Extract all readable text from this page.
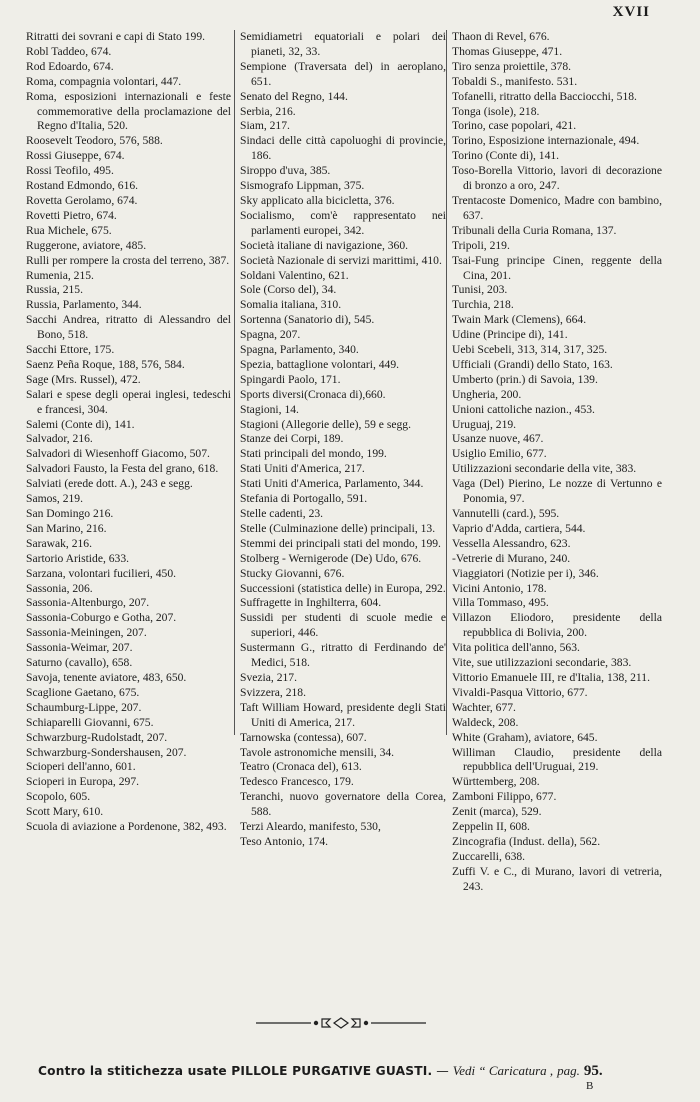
XVII

Ritratti dei sovrani e capi di Stato 199.

Robl Taddeo, 674.

Rod Edoardo, 674.

Roma, compagnia volontari, 447.

Roma, esposizioni internazionali e feste commemorative della proclamazione del Regno d'Italia, 520.

Roosevelt Teodoro, 576, 588.

Rossi Giuseppe, 674.

Rossi Teofilo, 495.

Rostand Edmondo, 616.

Rovetta Gerolamo, 674.

Rovetti Pietro, 674.

Rua Michele, 675.

Ruggerone, aviatore, 485.

Rulli per rompere la crosta del terreno, 387.

Rumenia, 215.

Russia, 215.

Russia, Parlamento, 344.

Sacchi Andrea, ritratto di Alessandro del Bono, 518.

Sacchi Ettore, 175.

Saenz Peña Roque, 188, 576, 584.

Sage (Mrs. Russel), 472.

Salari e spese degli operai inglesi, tedeschi e francesi, 304.

Salemi (Conte di), 141.

Salvador, 216.

Salvadori di Wiesenhoff Giacomo, 507.

Salvadori Fausto, la Festa del grano, 618.

Salviati (erede dott. A.), 243 e segg.

Samos, 219.

San Domingo 216.

San Marino, 216.

Sarawak, 216.

Sartorio Aristide, 633.

Sarzana, volontari fucilieri, 450.

Sassonia, 206.

Sassonia-Altenburgo, 207.

Sassonia-Coburgo e Gotha, 207.

Sassonia-Meiningen, 207.

Sassonia-Weimar, 207.

Saturno (cavallo), 658.

Savoja, tenente aviatore, 483, 650.

Scaglione Gaetano, 675.

Schaumburg-Lippe, 207.

Schiaparelli Giovanni, 675.

Schwarzburg-Rudolstadt, 207.

Schwarzburg-Sondershausen, 207.

Scioperi dell'anno, 601.

Scioperi in Europa, 297.

Scopolo, 605.

Scott Mary, 610.

Scuola di aviazione a Pordenone, 382, 493.

Semidiametri equatoriali e polari dei pianeti, 32, 33.

Sempione (Traversata del) in aeroplano, 651.

Senato del Regno, 144.

Serbia, 216.

Siam, 217.

Sindaci delle città capoluoghi di provincie, 186.

Siroppo d'uva, 385.

Sismografo Lippman, 375.

Sky applicato alla bicicletta, 376.

Socialismo, com'è rappresentato nei parlamenti europei, 342.

Società italiane di navigazione, 360.

Società Nazionale di servizi marittimi, 410.

Soldani Valentino, 621.

Sole (Corso del), 34.

Somalia italiana, 310.

Sortenna (Sanatorio di), 545.

Spagna, 207.

Spagna, Parlamento, 340.

Spezia, battaglione volontari, 449.

Spingardi Paolo, 171.

Sports diversi(Cronaca di),660.

Stagioni, 14.

Stagioni (Allegorie delle), 59 e segg.

Stanze dei Corpi, 189.

Stati principali del mondo, 199.

Stati Uniti d'America, 217.

Stati Uniti d'America, Parlamento, 344.

Stefania di Portogallo, 591.

Stelle cadenti, 23.

Stelle (Culminazione delle) principali, 13.

Stemmi dei principali stati del mondo, 199.

Stolberg - Wernigerode (De) Udo, 676.

Stucky Giovanni, 676.

Successioni (statistica delle) in Europa, 292.

Suffragette in Inghilterra, 604.

Sussidi per studenti di scuole medie e superiori, 446.

Sustermann G., ritratto di Ferdinando de' Medici, 518.

Svezia, 217.

Svizzera, 218.

Taft William Howard, presidente degli Stati Uniti di America, 217.

Tarnowska (contessa), 607.

Tavole astronomiche mensili, 34.

Teatro (Cronaca del), 613.

Tedesco Francesco, 179.

Teranchi, nuovo governatore della Corea, 588.

Terzi Aleardo, manifesto, 530,

Teso Antonio, 174.

Thaon di Revel, 676.

Thomas Giuseppe, 471.

Tiro senza proiettile, 378.

Tobaldi S., manifesto. 531.

Tofanelli, ritratto della Bacciocchi, 518.

Tonga (isole), 218.

Torino, case popolari, 421.

Torino, Esposizione internazionale, 494.

Torino (Conte di), 141.

Toso-Borella Vittorio, lavori di decorazione di bronzo a oro, 247.

Trentacoste Domenico, Madre con bambino, 637.

Tribunali della Curia Romana, 137.

Tripoli, 219.

Tsai-Fung principe Cinen, reggente della Cina, 201.

Tunisi, 203.

Turchia, 218.

Twain Mark (Clemens), 664.

Udine (Principe di), 141.

Uebi Scebeli, 313, 314, 317, 325.

Ufficiali (Grandi) dello Stato, 163.

Umberto (prin.) di Savoia, 139.

Ungheria, 200.

Unioni cattoliche nazion., 453.

Uruguaj, 219.

Usanze nuove, 467.

Usiglio Emilio, 677.

Utilizzazioni secondarie della vite, 383.

Vaga (Del) Pierino, Le nozze di Vertunno e Ponomia, 97.

Vannutelli (card.), 595.

Vaprio d'Adda, cartiera, 544.

Vessella Alessandro, 623.

-Vetrerie di Murano, 240.

Viaggiatori (Notizie per i), 346.

Vicini Antonio, 178.

Villa Tommaso, 495.

Villazon Eliodoro, presidente della repubblica di Bolivia, 200.

Vita politica dell'anno, 563.

Vite, sue utilizzazioni secondarie, 383.

Vittorio Emanuele III, re d'Italia, 138, 211.

Vivaldi-Pasqua Vittorio, 677.

Wachter, 677.

Waldeck, 208.

White (Graham), aviatore, 645.

Williman Claudio, presidente della repubblica dell'Uruguai, 219.

Württemberg, 208.

Zamboni Filippo, 677.

Zenit (marca), 529.

Zeppelin II, 608.

Zincografia (Indust. della), 562.

Zuccarelli, 638.

Zuffi V. e C., di Murano, lavori di vetreria, 243.

Contro la stitichezza usate PILLOLE PURGATIVE GUASTI. — Vedi “ Caricatura , pag. 95.
B
